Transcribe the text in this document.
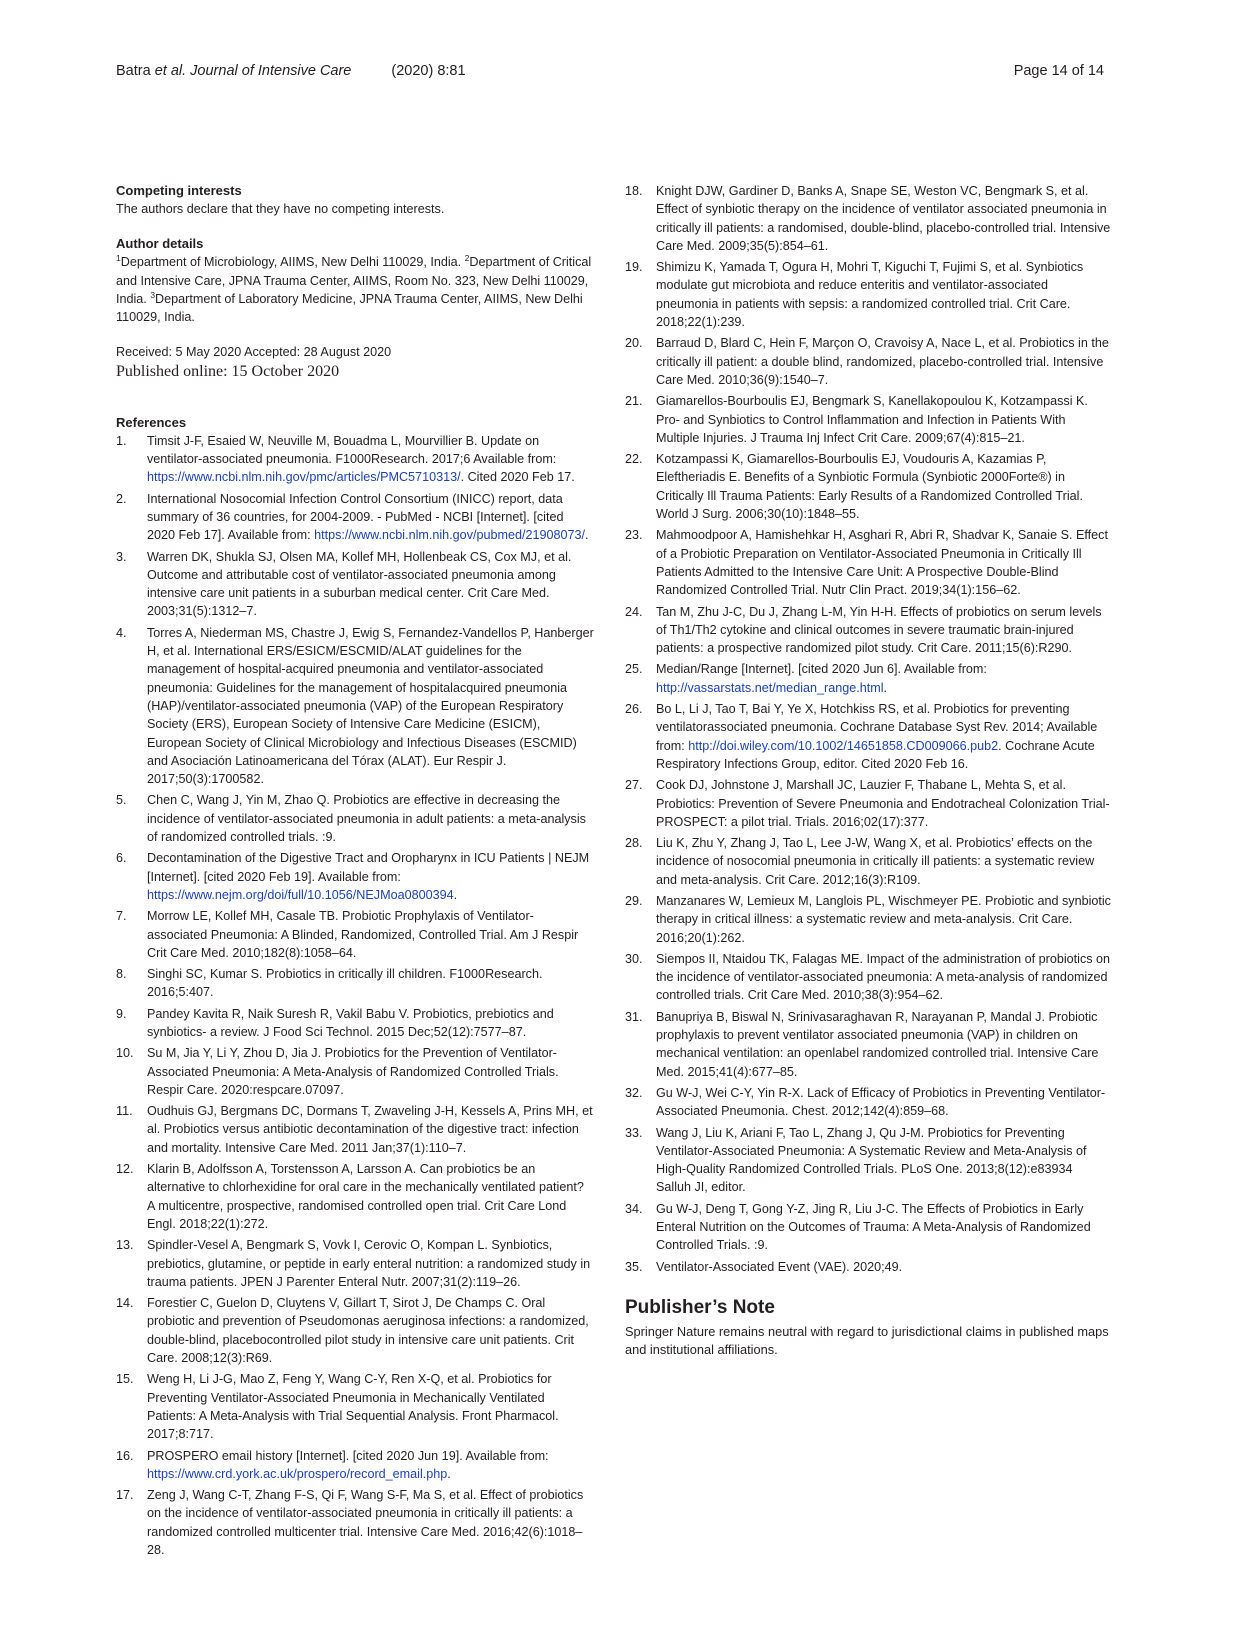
Batra et al. Journal of Intensive Care	(2020) 8:81	Page 14 of 14

Competing interests

The authors declare that they have no competing interests.

Author details

$^1$Department of Microbiology, AIIMS, New Delhi 110029, India. $^2$Department of Critical and Intensive Care, JPNA Trauma Center, AIIMS, Room No. 323, New Delhi 110029, India. $^3$Department of Laboratory Medicine, JPNA Trauma Center, AIIMS, New Delhi 110029, India.

Received: 5 May 2020 Accepted: 28 August 2020

Published online: 15 October 2020

References

1. Timsit J-F, Esaied W, Neuville M, Bouadma L, Mourvillier B. Update on ventilator-associated pneumonia. F1000Research. 2017;6 Available from: https://www.ncbi.nlm.nih.gov/pmc/articles/PMC5710313/. Cited 2020 Feb 17.
2. International Nosocomial Infection Control Consortium (INICC) report, data summary of 36 countries, for 2004-2009. - PubMed - NCBI [Internet]. [cited 2020 Feb 17]. Available from: https://www.ncbi.nlm.nih.gov/pubmed/21908073/.
3. Warren DK, Shukla SJ, Olsen MA, Kollef MH, Hollenbeak CS, Cox MJ, et al. Outcome and attributable cost of ventilator-associated pneumonia among intensive care unit patients in a suburban medical center. Crit Care Med. 2003;31(5):1312–7.
4. Torres A, Niederman MS, Chastre J, Ewig S, Fernandez-Vandellos P, Hanberger H, et al. International ERS/ESICM/ESCMID/ALAT guidelines for the management of hospital-acquired pneumonia and ventilator-associated pneumonia: Guidelines for the management of hospitalacquired pneumonia (HAP)/ventilator-associated pneumonia (VAP) of the European Respiratory Society (ERS), European Society of Intensive Care Medicine (ESICM), European Society of Clinical Microbiology and Infectious Diseases (ESCMID) and Asociación Latinoamericana del Tórax (ALAT). Eur Respir J. 2017;50(3):1700582.
5. Chen C, Wang J, Yin M, Zhao Q. Probiotics are effective in decreasing the incidence of ventilator-associated pneumonia in adult patients: a meta-analysis of randomized controlled trials. :9.
6. Decontamination of the Digestive Tract and Oropharynx in ICU Patients | NEJM [Internet]. [cited 2020 Feb 19]. Available from: https://www.nejm.org/doi/full/10.1056/NEJMoa0800394.
7. Morrow LE, Kollef MH, Casale TB. Probiotic Prophylaxis of Ventilator-associated Pneumonia: A Blinded, Randomized, Controlled Trial. Am J Respir Crit Care Med. 2010;182(8):1058–64.
8. Singhi SC, Kumar S. Probiotics in critically ill children. F1000Research. 2016;5:407.
9. Pandey Kavita R, Naik Suresh R, Vakil Babu V. Probiotics, prebiotics and synbiotics- a review. J Food Sci Technol. 2015 Dec;52(12):7577–87.
10. Su M, Jia Y, Li Y, Zhou D, Jia J. Probiotics for the Prevention of Ventilator-Associated Pneumonia: A Meta-Analysis of Randomized Controlled Trials. Respir Care. 2020:respcare.07097.
11. Oudhuis GJ, Bergmans DC, Dormans T, Zwaveling J-H, Kessels A, Prins MH, et al. Probiotics versus antibiotic decontamination of the digestive tract: infection and mortality. Intensive Care Med. 2011 Jan;37(1):110–7.
12. Klarin B, Adolfsson A, Torstensson A, Larsson A. Can probiotics be an alternative to chlorhexidine for oral care in the mechanically ventilated patient? A multicentre, prospective, randomised controlled open trial. Crit Care Lond Engl. 2018;22(1):272.
13. Spindler-Vesel A, Bengmark S, Vovk I, Cerovic O, Kompan L. Synbiotics, prebiotics, glutamine, or peptide in early enteral nutrition: a randomized study in trauma patients. JPEN J Parenter Enteral Nutr. 2007;31(2):119–26.
14. Forestier C, Guelon D, Cluytens V, Gillart T, Sirot J, De Champs C. Oral probiotic and prevention of Pseudomonas aeruginosa infections: a randomized, double-blind, placebocontrolled pilot study in intensive care unit patients. Crit Care. 2008;12(3):R69.
15. Weng H, Li J-G, Mao Z, Feng Y, Wang C-Y, Ren X-Q, et al. Probiotics for Preventing Ventilator-Associated Pneumonia in Mechanically Ventilated Patients: A Meta-Analysis with Trial Sequential Analysis. Front Pharmacol. 2017;8:717.
16. PROSPERO email history [Internet]. [cited 2020 Jun 19]. Available from: https://www.crd.york.ac.uk/prospero/record_email.php.
17. Zeng J, Wang C-T, Zhang F-S, Qi F, Wang S-F, Ma S, et al. Effect of probiotics on the incidence of ventilator-associated pneumonia in critically ill patients: a randomized controlled multicenter trial. Intensive Care Med. 2016;42(6):1018–28.
18. Knight DJW, Gardiner D, Banks A, Snape SE, Weston VC, Bengmark S, et al. Effect of synbiotic therapy on the incidence of ventilator associated pneumonia in critically ill patients: a randomised, double-blind, placebo-controlled trial. Intensive Care Med. 2009;35(5):854–61.
19. Shimizu K, Yamada T, Ogura H, Mohri T, Kiguchi T, Fujimi S, et al. Synbiotics modulate gut microbiota and reduce enteritis and ventilator-associated pneumonia in patients with sepsis: a randomized controlled trial. Crit Care. 2018;22(1):239.
20. Barraud D, Blard C, Hein F, Marçon O, Cravoisy A, Nace L, et al. Probiotics in the critically ill patient: a double blind, randomized, placebo-controlled trial. Intensive Care Med. 2010;36(9):1540–7.
21. Giamarellos-Bourboulis EJ, Bengmark S, Kanellakopoulou K, Kotzampassi K. Pro- and Synbiotics to Control Inflammation and Infection in Patients With Multiple Injuries. J Trauma Inj Infect Crit Care. 2009;67(4):815–21.
22. Kotzampassi K, Giamarellos-Bourboulis EJ, Voudouris A, Kazamias P, Eleftheriadis E. Benefits of a Synbiotic Formula (Synbiotic 2000Forte®) in Critically Ill Trauma Patients: Early Results of a Randomized Controlled Trial. World J Surg. 2006;30(10):1848–55.
23. Mahmoodpoor A, Hamishehkar H, Asghari R, Abri R, Shadvar K, Sanaie S. Effect of a Probiotic Preparation on Ventilator-Associated Pneumonia in Critically Ill Patients Admitted to the Intensive Care Unit: A Prospective Double-Blind Randomized Controlled Trial. Nutr Clin Pract. 2019;34(1):156–62.
24. Tan M, Zhu J-C, Du J, Zhang L-M, Yin H-H. Effects of probiotics on serum levels of Th1/Th2 cytokine and clinical outcomes in severe traumatic brain-injured patients: a prospective randomized pilot study. Crit Care. 2011;15(6):R290.
25. Median/Range [Internet]. [cited 2020 Jun 6]. Available from: http://vassarstats.net/median_range.html.
26. Bo L, Li J, Tao T, Bai Y, Ye X, Hotchkiss RS, et al. Probiotics for preventing ventilatorassociated pneumonia. Cochrane Database Syst Rev. 2014; Available from: http://doi.wiley.com/10.1002/14651858.CD009066.pub2. Cochrane Acute Respiratory Infections Group, editor. Cited 2020 Feb 16.
27. Cook DJ, Johnstone J, Marshall JC, Lauzier F, Thabane L, Mehta S, et al. Probiotics: Prevention of Severe Pneumonia and Endotracheal Colonization Trial-PROSPECT: a pilot trial. Trials. 2016;02(17):377.
28. Liu K, Zhu Y, Zhang J, Tao L, Lee J-W, Wang X, et al. Probiotics’ effects on the incidence of nosocomial pneumonia in critically ill patients: a systematic review and meta-analysis. Crit Care. 2012;16(3):R109.
29. Manzanares W, Lemieux M, Langlois PL, Wischmeyer PE. Probiotic and synbiotic therapy in critical illness: a systematic review and meta-analysis. Crit Care. 2016;20(1):262.
30. Siempos II, Ntaidou TK, Falagas ME. Impact of the administration of probiotics on the incidence of ventilator-associated pneumonia: A meta-analysis of randomized controlled trials. Crit Care Med. 2010;38(3):954–62.
31. Banupriya B, Biswal N, Srinivasaraghavan R, Narayanan P, Mandal J. Probiotic prophylaxis to prevent ventilator associated pneumonia (VAP) in children on mechanical ventilation: an openlabel randomized controlled trial. Intensive Care Med. 2015;41(4):677–85.
32. Gu W-J, Wei C-Y, Yin R-X. Lack of Efficacy of Probiotics in Preventing Ventilator-Associated Pneumonia. Chest. 2012;142(4):859–68.
33. Wang J, Liu K, Ariani F, Tao L, Zhang J, Qu J-M. Probiotics for Preventing Ventilator-Associated Pneumonia: A Systematic Review and Meta-Analysis of High-Quality Randomized Controlled Trials. PLoS One. 2013;8(12):e83934 Salluh JI, editor.
34. Gu W-J, Deng T, Gong Y-Z, Jing R, Liu J-C. The Effects of Probiotics in Early Enteral Nutrition on the Outcomes of Trauma: A Meta-Analysis of Randomized Controlled Trials. :9.
35. Ventilator-Associated Event (VAE). 2020;49.

Publisher’s Note

Springer Nature remains neutral with regard to jurisdictional claims in published maps and institutional affiliations.
